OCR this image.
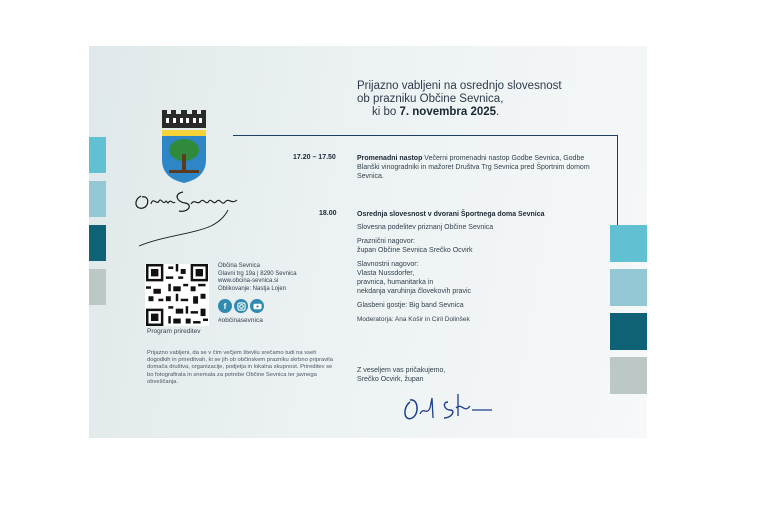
Prijazno vabljeni na osrednjo slovesnost
ob prazniku Občine Sevnica,
ki bo 7. novembra 2025.
17.20 – 17.50	Promenadni nastop Večerni promenadni nastop Godbe Sevnica, Godbe Blanški vinogradniki in mažoret Društva Trg Sevnica pred Športnim domom Sevnica.
18.00	Osrednja slovesnost v dvorani Športnega doma Sevnica
Slovesna podelitev priznanj Občine Sevnica
Praznični nagovor:
župan Občine Sevnica Srečko Ocvirk
Slavnostni nagovor:
Vlasta Nussdorfer,
pravnica, humanitarka in
nekdanja varuhinja človekovih pravic
Glasbeni gostje: Big band Sevnica
Moderatorja: Ana Košir in Ciril Dolinšek
Program prireditev
Občina Sevnica
Glavni trg 19a | 8290 Sevnica
www.obcina-sevnica.si
Oblikovanje: Nastja Lojen
f
#občinasevnica
Prijazno vabljeni, da se v čim večjem številu srečamo tudi na vseh dogodkih in prireditvah, ki se jih ob občinskem prazniku skrbno pripravila domača društva, organizacije, podjetja in lokalna skupnost. Prireditev se bo fotografirala in snemala za potrebe Občine Sevnica ter javnega obveščanja.
Z veseljem vas pričakujemo,
Srečko Ocvirk, župan
